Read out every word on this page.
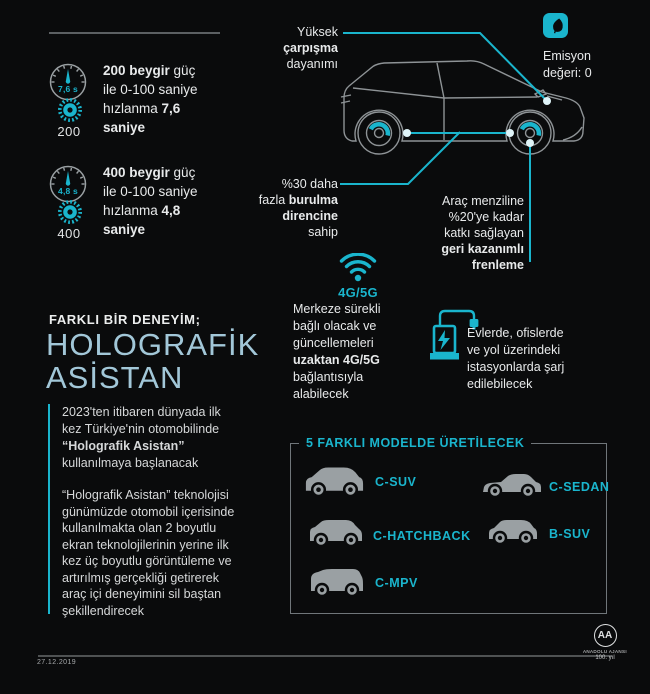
7,6 s
200
200 beygir güç
ile 0-100 saniye
hızlanma 7,6
saniye
4,8 s
400
400 beygir güç
ile 0-100 saniye
hızlanma 4,8
saniye
Yüksek
çarpışma
dayanımı
Emisyon
değeri: 0
%30 daha
fazla burulma
direncine
sahip
Araç menziline
%20'ye kadar
katkı sağlayan
geri kazanımlı
frenleme
4G/5G
Merkeze sürekli
bağlı olacak ve
güncellemeleri
uzaktan 4G/5G
bağlantısıyla
alabilecek
Evlerde, ofislerde
ve yol üzerindeki
istasyonlarda şarj
edilebilecek
FARKLI BİR DENEYİM;
HOLOGRAFİK
ASİSTAN
2023'ten itibaren dünyada ilk
kez Türkiye'nin otomobilinde
“Holografik Asistan”
kullanılmaya başlanacak
“Holografik Asistan” teknolojisi
günümüzde otomobil içerisinde
kullanılmakta olan 2 boyutlu
ekran teknolojilerinin yerine ilk
kez üç boyutlu görüntüleme ve
artırılmış gerçekliği getirerek
araç içi deneyimini sil baştan
şekillendirecek
5 FARKLI MODELDE ÜRETİLECEK
C-SUV	C-SEDAN
C-HATCHBACK	B-SUV
C-MPV
27.12.2019
AA
ANADOLU AJANSI
100. yıl
